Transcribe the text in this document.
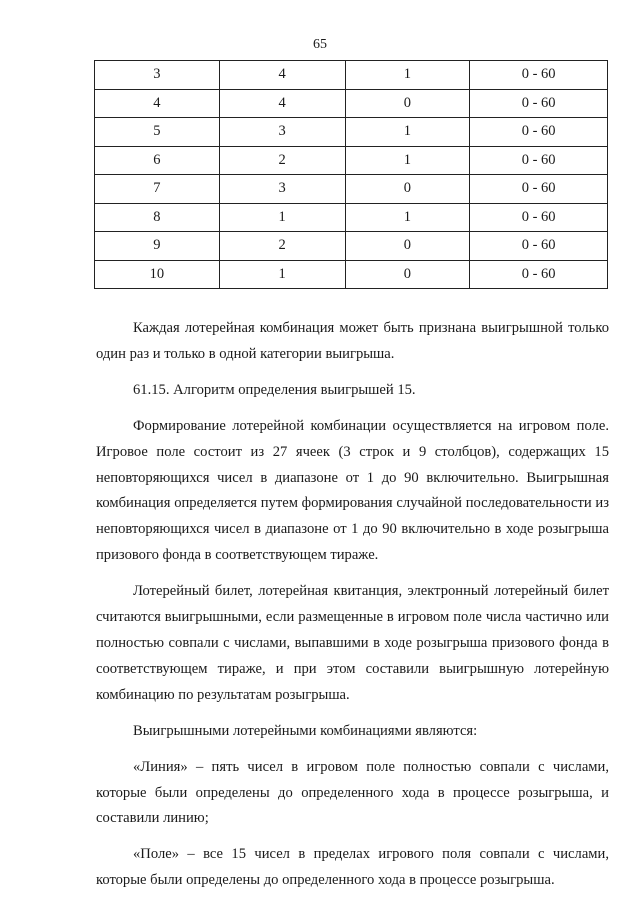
65
3	4	1	0 - 60
4	4	0	0 - 60
5	3	1	0 - 60
6	2	1	0 - 60
7	3	0	0 - 60
8	1	1	0 - 60
9	2	0	0 - 60
10	1	0	0 - 60

Каждая лотерейная комбинация может быть признана выигрышной только один раз и только в одной категории выигрыша.

61.15. Алгоритм определения выигрышей 15.

Формирование лотерейной комбинации осуществляется на игровом поле. Игровое поле состоит из 27 ячеек (3 строк и 9 столбцов), содержащих 15 неповторяющихся чисел в диапазоне от 1 до 90 включительно. Выигрышная комбинация определяется путем формирования случайной последовательности из неповторяющихся чисел в диапазоне от 1 до 90 включительно в ходе розыгрыша призового фонда в соответствующем тираже.

Лотерейный билет, лотерейная квитанция, электронный лотерейный билет считаются выигрышными, если размещенные в игровом поле числа частично или полностью совпали с числами, выпавшими в ходе розыгрыша призового фонда в соответствующем тираже, и при этом составили выигрышную лотерейную комбинацию по результатам розыгрыша.

Выигрышными лотерейными комбинациями являются:

«Линия» – пять чисел в игровом поле полностью совпали с числами, которые были определены до определенного хода в процессе розыгрыша, и составили линию;

«Поле» – все 15 чисел в пределах игрового поля совпали с числами, которые были определены до определенного хода в процессе розыгрыша.
